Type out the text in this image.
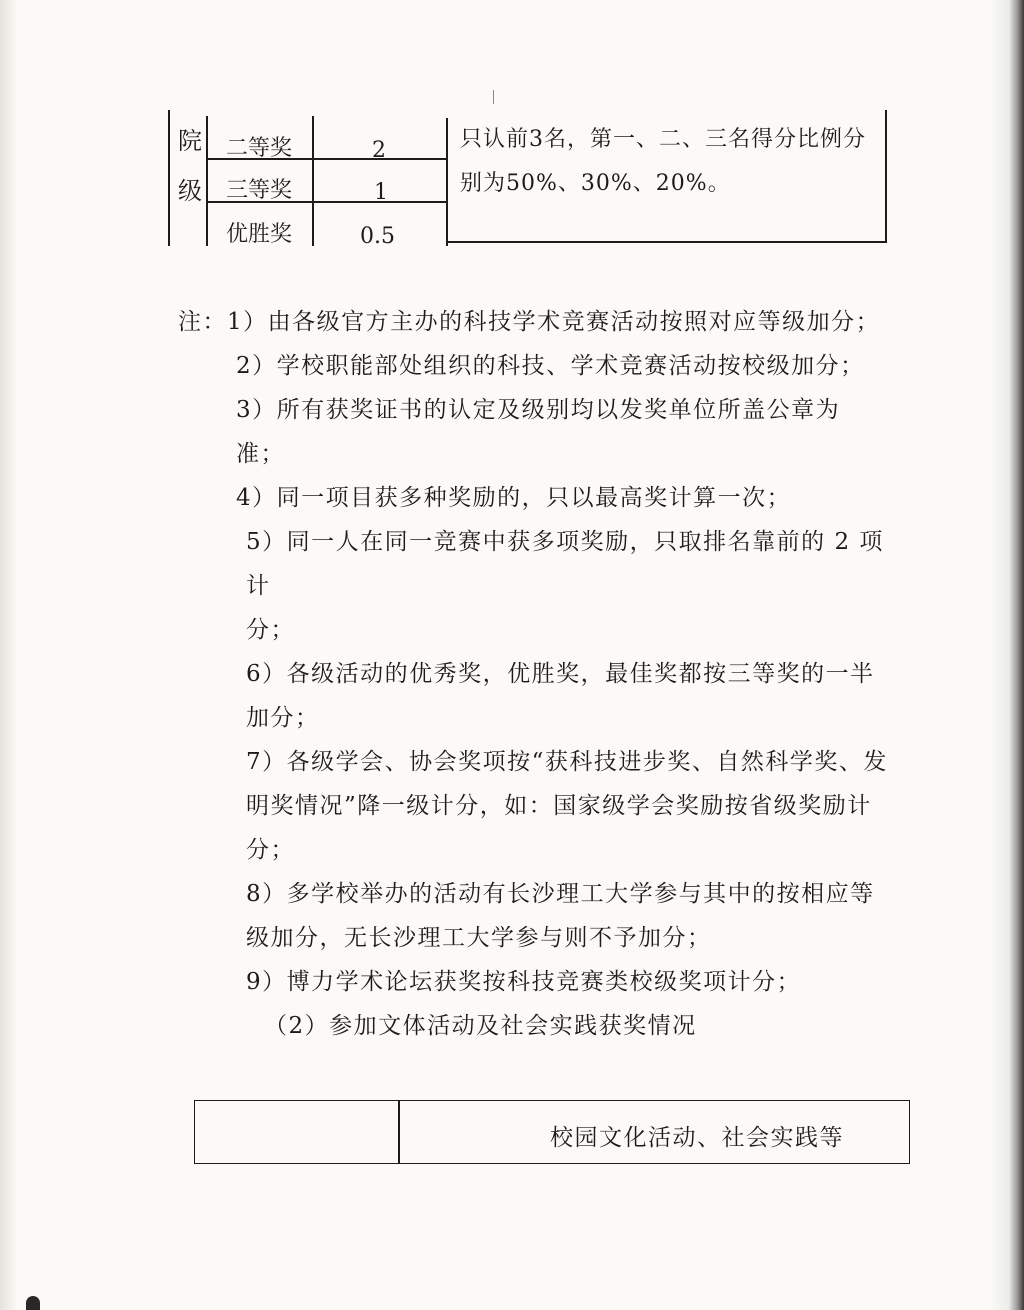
院
级
二等奖	2
三等奖	1
优胜奖	0.5
只认前3名，第一、二、三名得分比例分别为50%、30%、20%。

注：1）由各级官方主办的科技学术竞赛活动按照对应等级加分；

2）学校职能部处组织的科技、学术竞赛活动按校级加分；

3）所有获奖证书的认定及级别均以发奖单位所盖公章为准；

4）同一项目获多种奖励的，只以最高奖计算一次；

5）同一人在同一竞赛中获多项奖励，只取排名靠前的 2 项计

分；

6）各级活动的优秀奖，优胜奖，最佳奖都按三等奖的一半加分；

7）各级学会、协会奖项按“获科技进步奖、自然科学奖、发明奖情况”降一级计分，如：国家级学会奖励按省级奖励计分；

8）多学校举办的活动有长沙理工大学参与其中的按相应等级加分，无长沙理工大学参与则不予加分；

9）博力学术论坛获奖按科技竞赛类校级奖项计分；

（2）参加文体活动及社会实践获奖情况

校园文化活动、社会实践等
